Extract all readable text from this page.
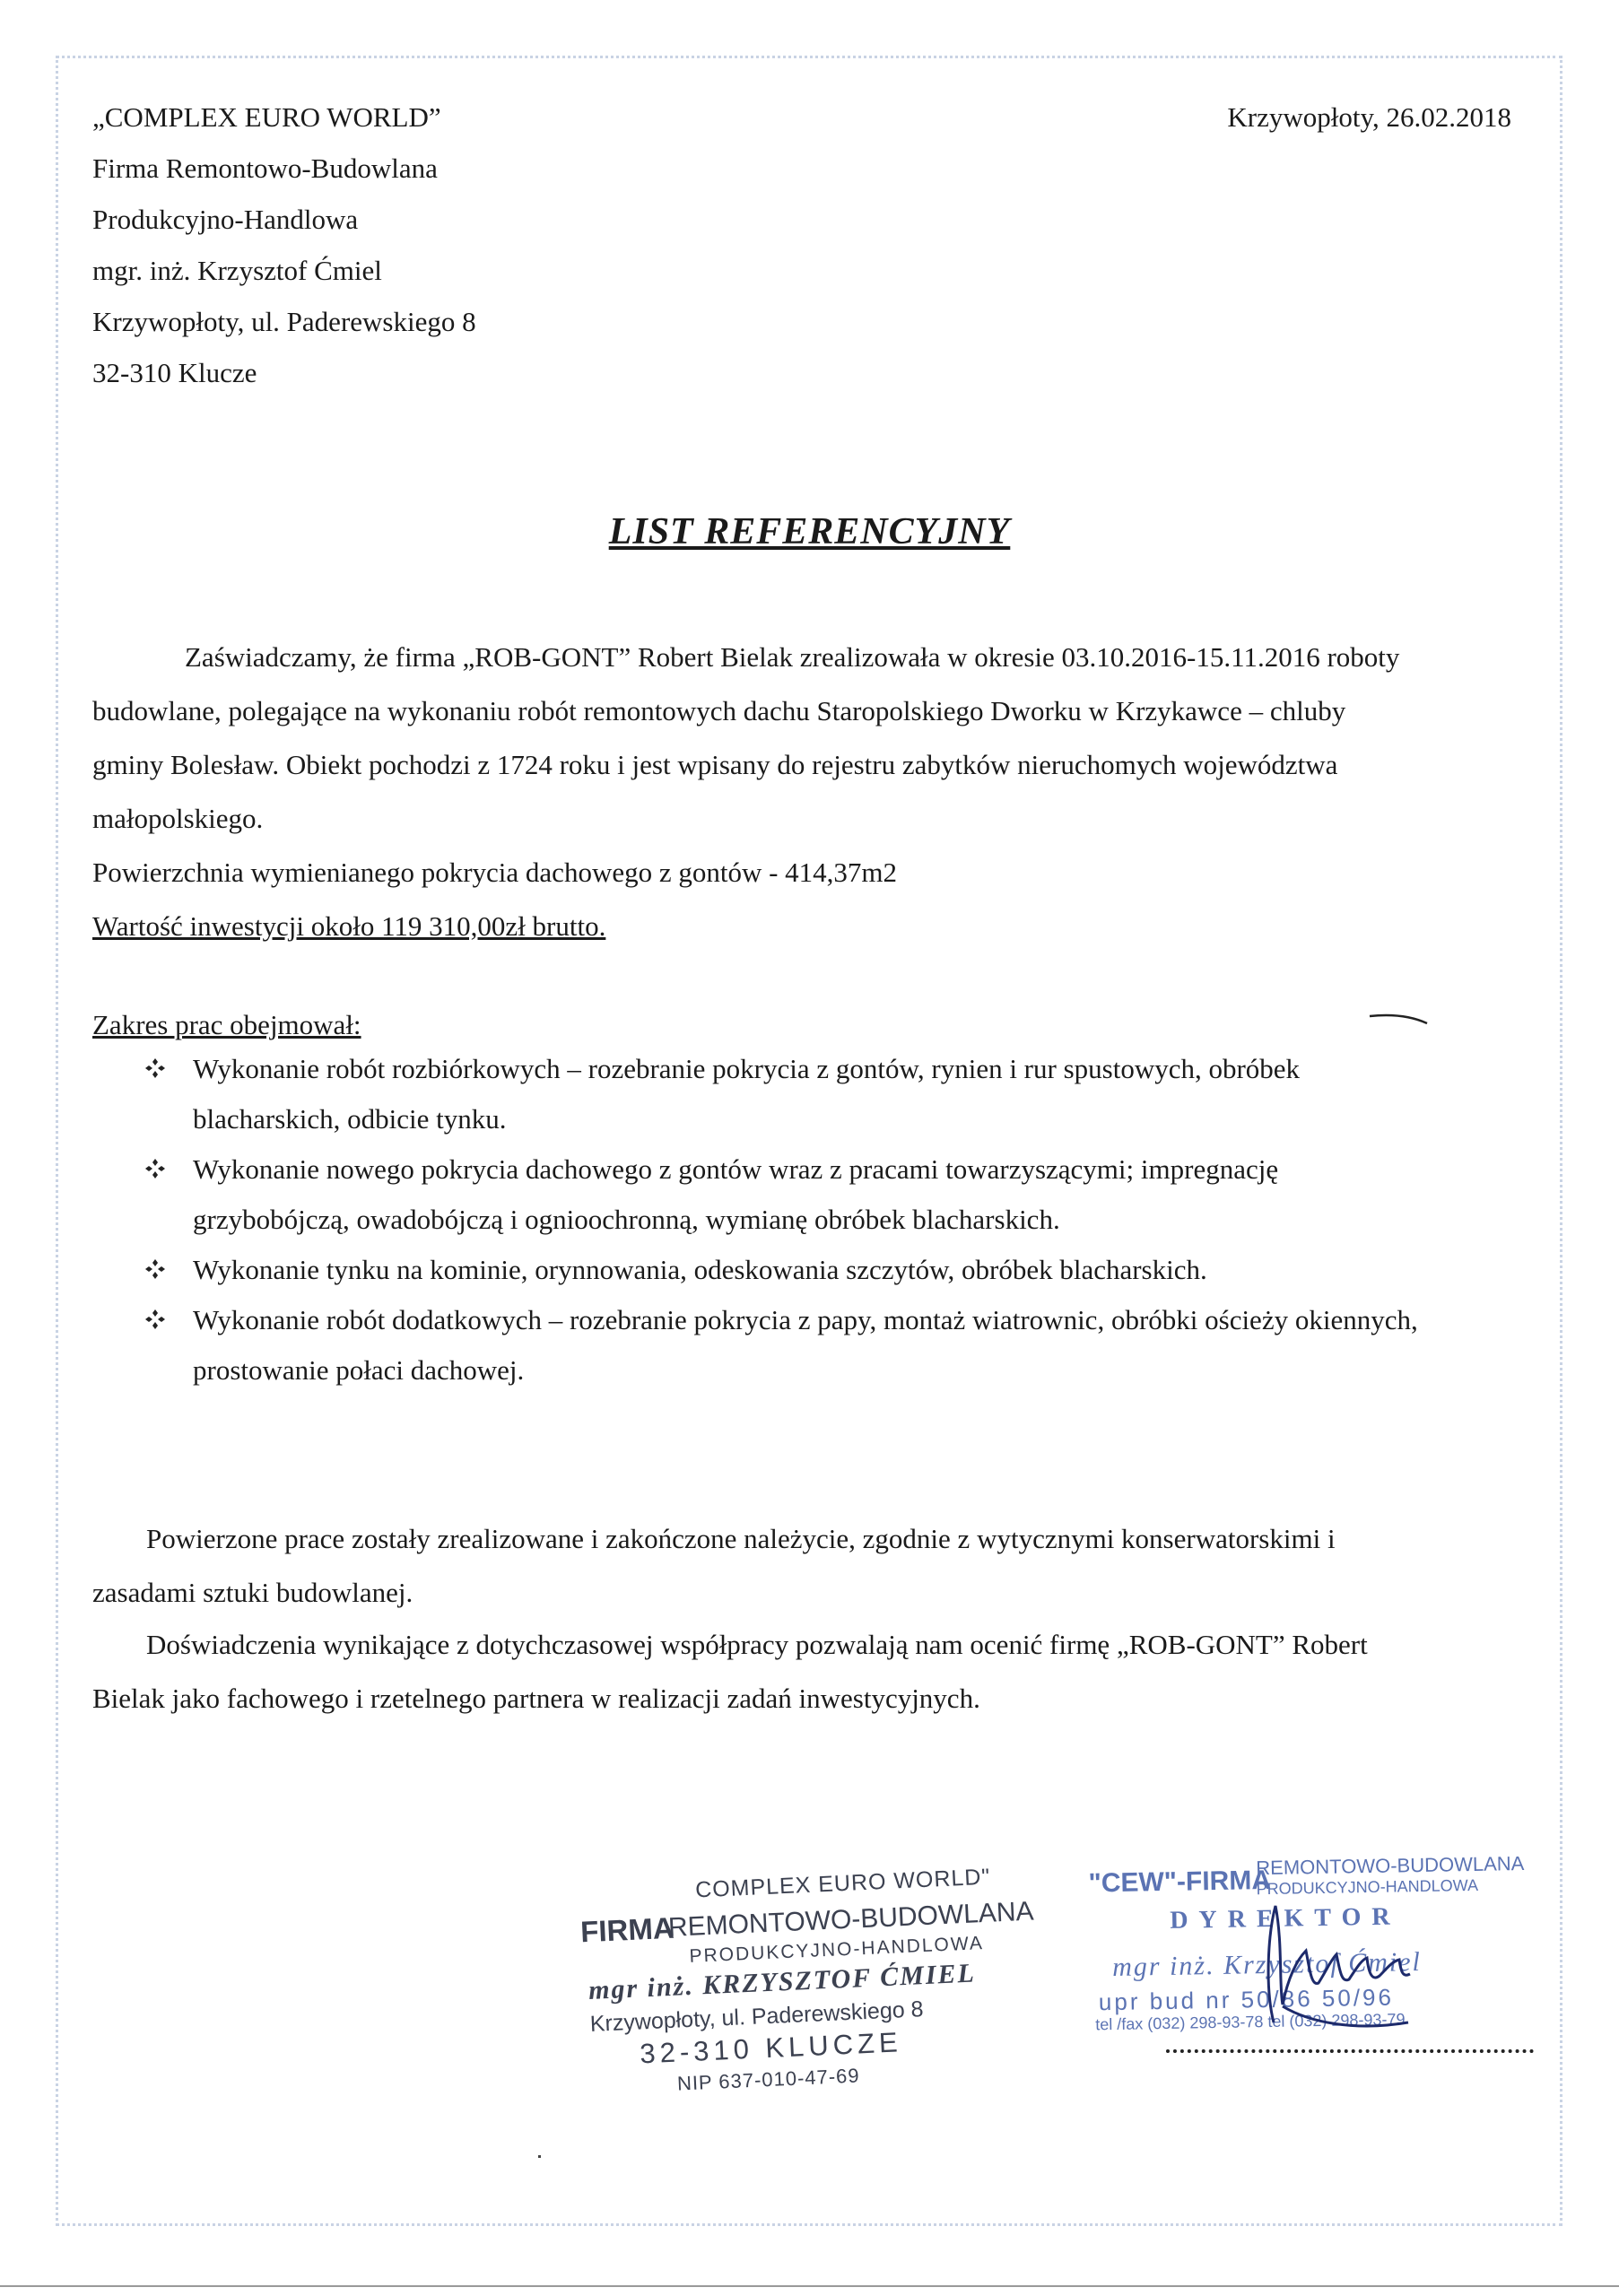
„COMPLEX EURO WORLD”
Firma Remontowo-Budowlana
Produkcyjno-Handlowa
mgr. inż. Krzysztof Ćmiel
Krzywopłoty, ul. Paderewskiego 8
32-310 Klucze
Krzywopłoty, 26.02.2018
LIST REFERENCYJNY
Zaświadczamy, że firma „ROB-GONT” Robert Bielak zrealizowała w okresie 03.10.2016-15.11.2016 roboty
budowlane, polegające na wykonaniu robót remontowych dachu Staropolskiego Dworku w Krzykawce – chluby
gminy Bolesław. Obiekt pochodzi z 1724 roku i jest wpisany do rejestru zabytków nieruchomych województwa
małopolskiego.
Powierzchnia wymienianego pokrycia dachowego z gontów - 414,37m2
Wartość inwestycji około 119 310,00zł brutto.
Zakres prac obejmował:
Wykonanie robót rozbiórkowych – rozebranie pokrycia z gontów, rynien i rur spustowych, obróbek
blacharskich, odbicie tynku.
Wykonanie nowego pokrycia dachowego z gontów wraz z pracami towarzyszącymi; impregnację
grzybobójczą, owadobójczą i ognioochronną, wymianę obróbek blacharskich.
Wykonanie tynku na kominie, orynnowania, odeskowania szczytów, obróbek blacharskich.
Wykonanie robót dodatkowych – rozebranie pokrycia z papy, montaż wiatrownic, obróbki ościeży okiennych,
prostowanie połaci dachowej.
Powierzone prace zostały zrealizowane i zakończone należycie, zgodnie z wytycznymi konserwatorskimi i
zasadami sztuki budowlanej.
Doświadczenia wynikające z dotychczasowej współpracy pozwalają nam ocenić firmę „ROB-GONT” Robert
Bielak jako fachowego i rzetelnego partnera w realizacji zadań inwestycyjnych.
COMPLEX EURO WORLD"
FIRMA
REMONTOWO-BUDOWLANA
PRODUKCYJNO-HANDLOWA
mgr inż. KRZYSZTOF ĆMIEL
Krzywopłoty, ul. Paderewskiego 8
32-310 KLUCZE
NIP 637-010-47-69
"CEW"-FIRMA
REMONTOWO-BUDOWLANA
PRODUKCYJNO-HANDLOWA
DYREKTOR
mgr inż. Krzysztof Ćmiel
upr bud nr 50/86 50/96
tel /fax (032) 298-93-78 tel (032) 298-93-79
